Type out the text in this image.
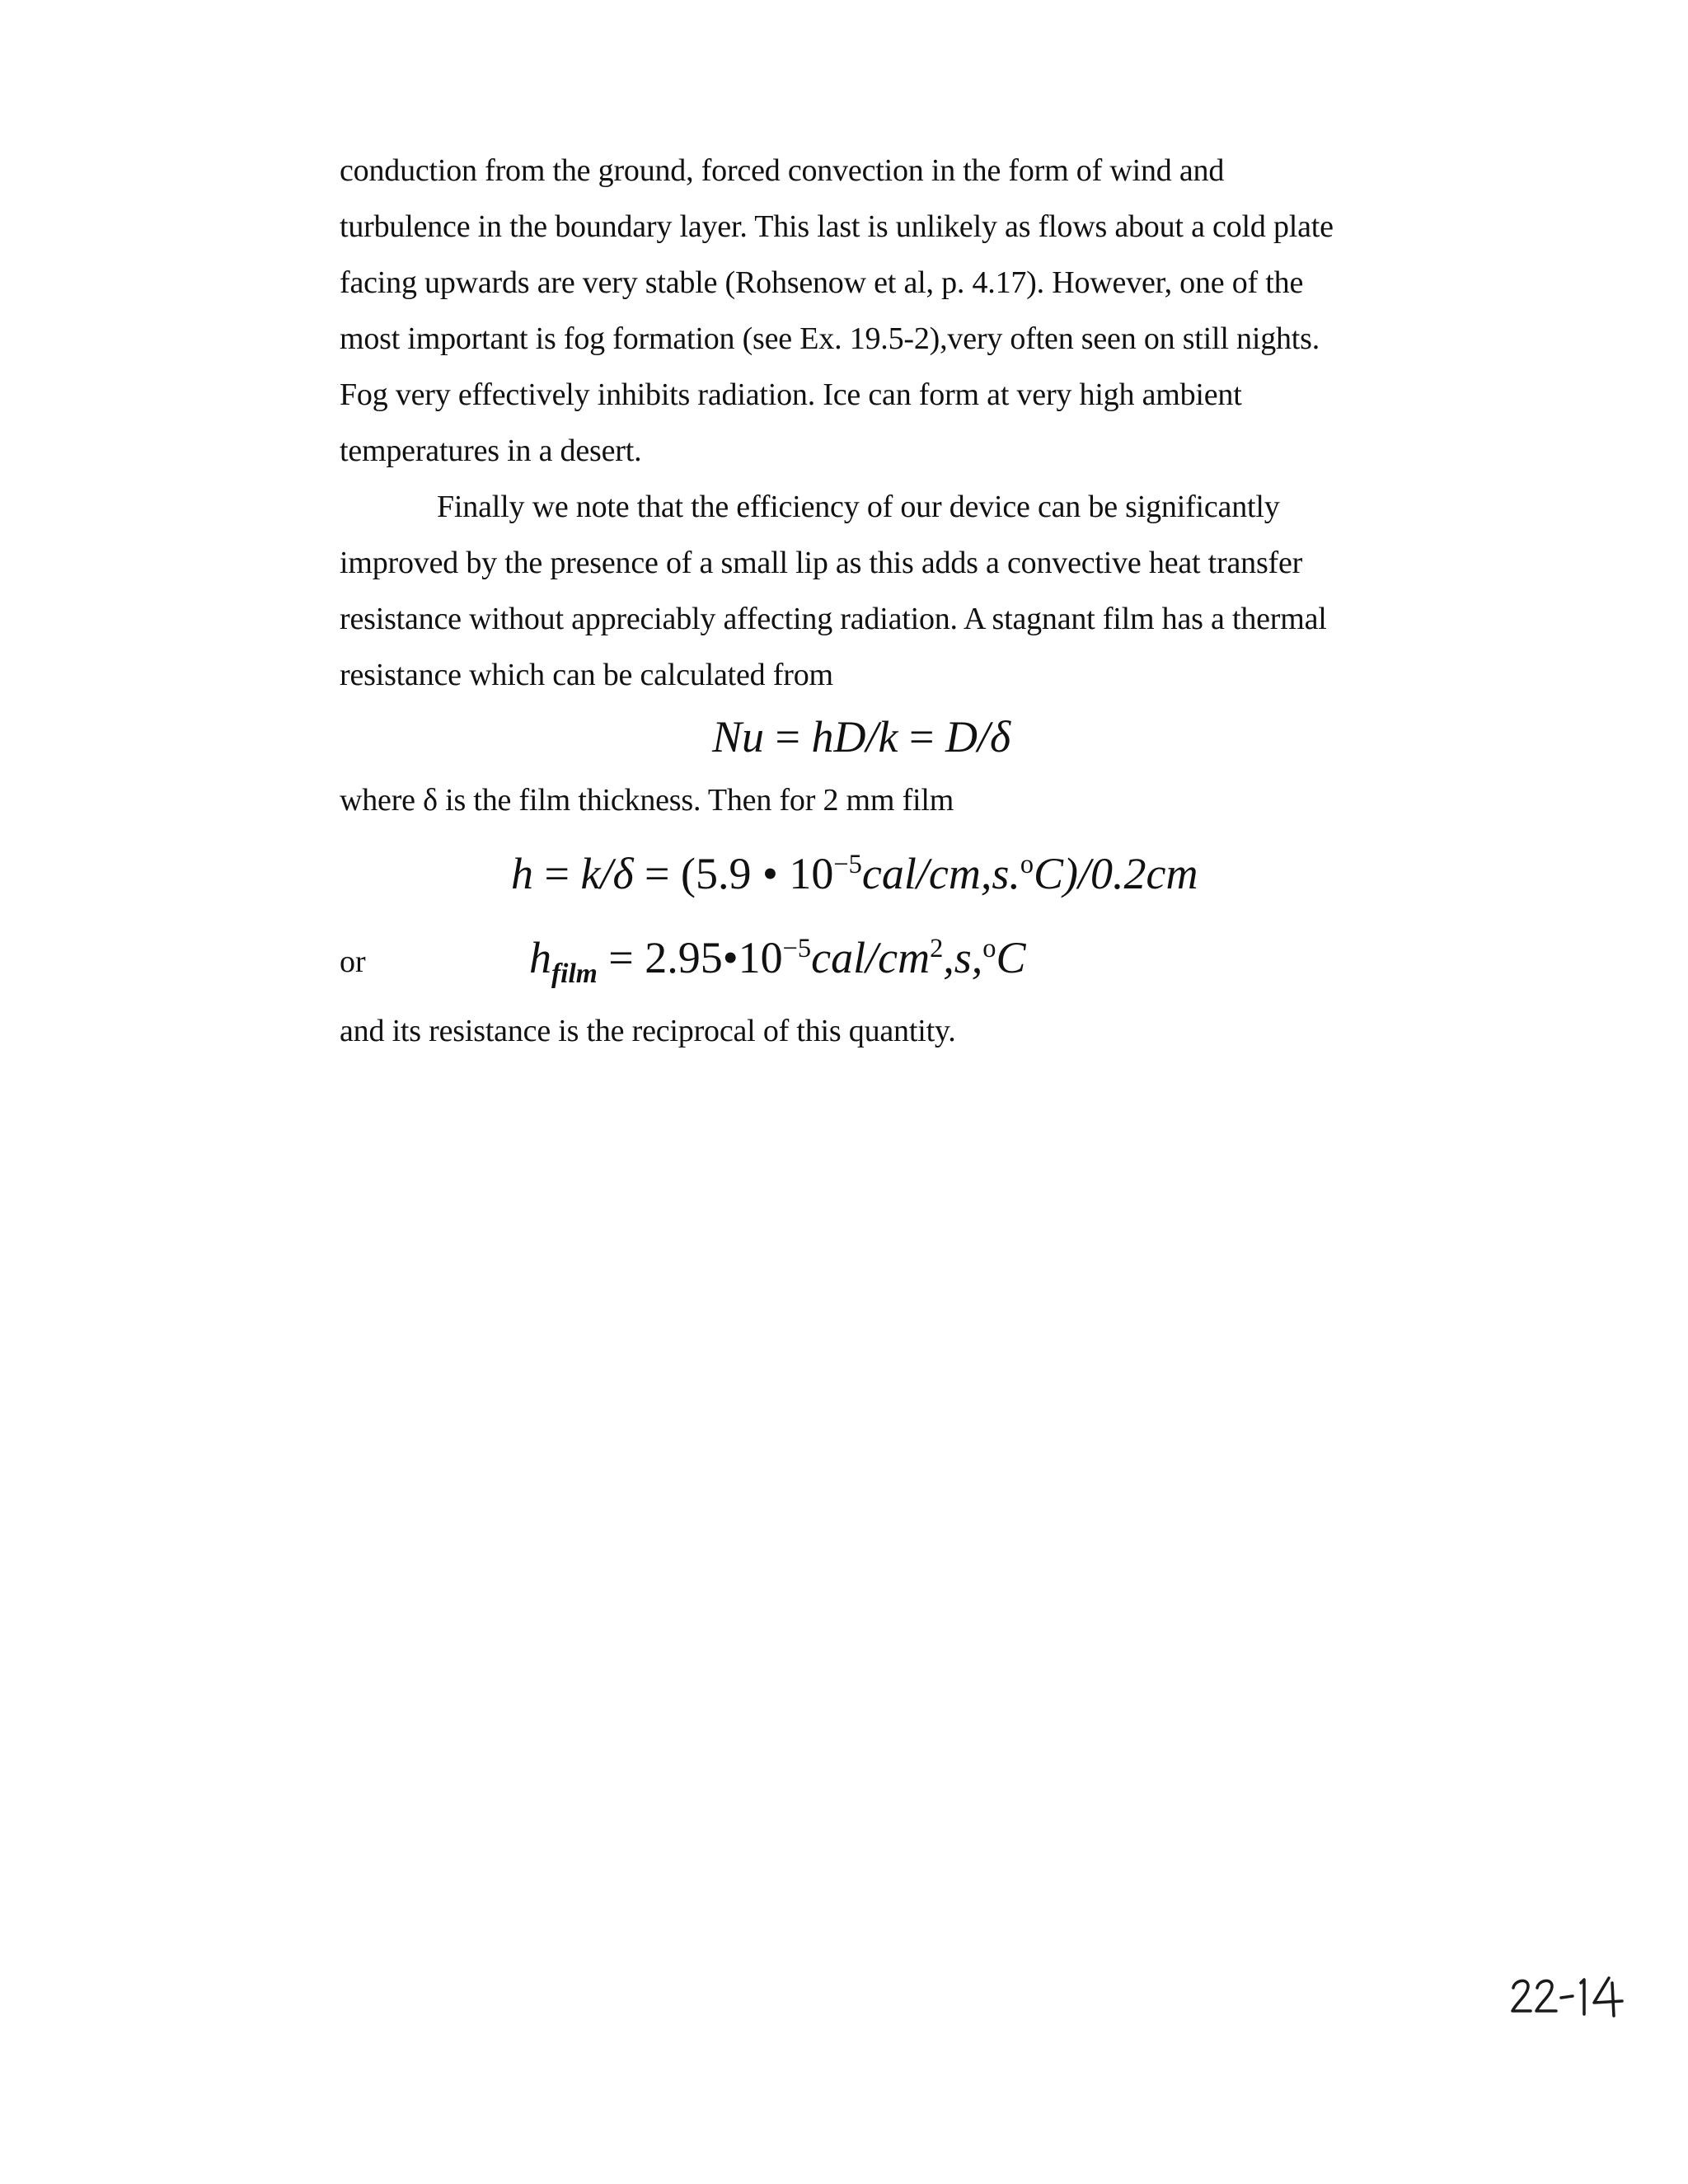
conduction from the ground, forced convection in the form of wind and
turbulence in the boundary layer. This last is unlikely as flows about a cold plate
facing upwards are very stable (Rohsenow et al, p. 4.17). However, one of the
most important is fog formation (see Ex. 19.5-2),very often seen on still nights.
Fog very effectively inhibits radiation. Ice can form at very high ambient
temperatures in a desert.
Finally we note that the efficiency of our device can be significantly
improved by the presence of a small lip as this adds a convective heat transfer
resistance without appreciably affecting radiation. A stagnant film has a thermal
resistance which can be calculated from
Nu = hD/k = D/δ
where δ is the film thickness. Then for 2 mm film
h = k/δ = (5.9 • $10^{-5}cal/cm,s.^oC)/0.2cm$
or	$h_{film}$ = $2.95•10^{-5}cal/cm^2,s,^oC$
and its resistance is the reciprocal of this quantity.
